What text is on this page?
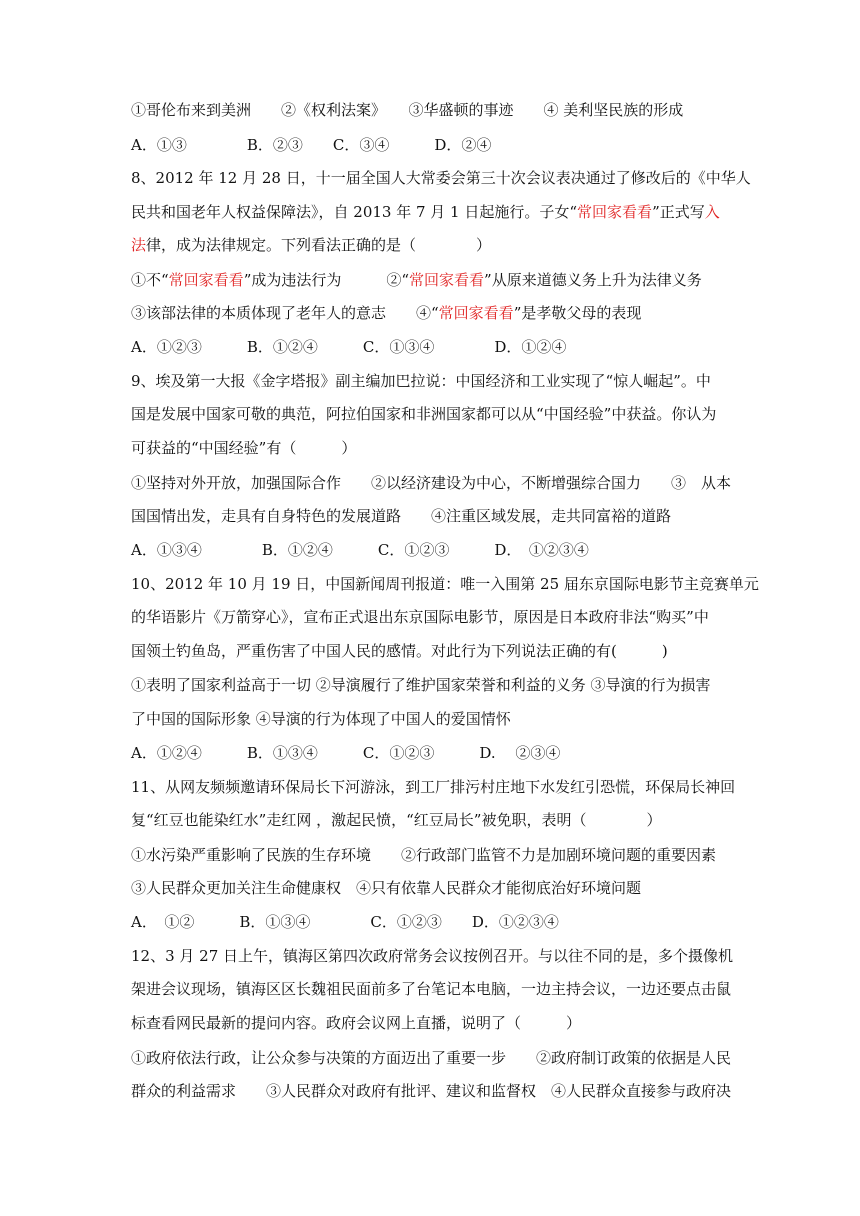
①哥伦布来到美洲　　②《权利法案》　　③华盛顿的事迹　　④ 美利坚民族的形成
A．①③　　　　B．②③　　C．③④　　　D．②④
8、2012 年 12 月 28 日，十一届全国人大常委会第三十次会议表决通过了修改后的《中华人
民共和国老年人权益保障法》，自 2013 年 7 月 1 日起施行。子女“常回家看看”正式写入
法律，成为法律规定。下列看法正确的是（　　　　）
①不“常回家看看”成为违法行为　　　②“常回家看看”从原来道德义务上升为法律义务
③该部法律的本质体现了老年人的意志　　④“常回家看看”是孝敬父母的表现
A．①②③　　　B．①②④　　　C．①③④　　　　D．①②④
9、埃及第一大报《金字塔报》副主编加巴拉说：中国经济和工业实现了“惊人崛起”。中
国是发展中国家可敬的典范，阿拉伯国家和非洲国家都可以从“中国经验”中获益。你认为
可获益的“中国经验”有（　　　）
①坚持对外开放，加强国际合作　　②以经济建设为中心，不断增强综合国力　　③　从本
国国情出发，走具有自身特色的发展道路　　④注重区域发展，走共同富裕的道路
A．①③④　　　　B．①②④　　　C．①②③　　　D．　①②③④
10、2012 年 10 月 19 日，中国新闻周刊报道：唯一入围第 25 届东京国际电影节主竞赛单元
的华语影片《万箭穿心》，宣布正式退出东京国际电影节，原因是日本政府非法“购买”中
国领土钓鱼岛，严重伤害了中国人民的感情。对此行为下列说法正确的有(　　　)
①表明了国家利益高于一切 ②导演履行了维护国家荣誉和利益的义务 ③导演的行为损害
了中国的国际形象 ④导演的行为体现了中国人的爱国情怀
A．①②④　　　B．①③④　　　C．①②③　　　D.　 ②③④
11、从网友频频邀请环保局长下河游泳，到工厂排污村庄地下水发红引恐慌，环保局长神回
复“红豆也能染红水”走红网 ，激起民愤，“红豆局长”被免职，表明（　　　　）
①水污染严重影响了民族的生存环境　　②行政部门监管不力是加剧环境问题的重要因素
③人民群众更加关注生命健康权　④只有依靠人民群众才能彻底治好环境问题
A．　①②　　　B．①③④　　　　C．①②③　　D．①②③④
12、3 月 27 日上午，镇海区第四次政府常务会议按例召开。与以往不同的是，多个摄像机
架进会议现场，镇海区区长魏祖民面前多了台笔记本电脑，一边主持会议，一边还要点击鼠
标查看网民最新的提问内容。政府会议网上直播，说明了（　　　）
①政府依法行政，让公众参与决策的方面迈出了重要一步　　②政府制订政策的依据是人民
群众的利益需求　　③人民群众对政府有批评、建议和监督权　④人民群众直接参与政府决
